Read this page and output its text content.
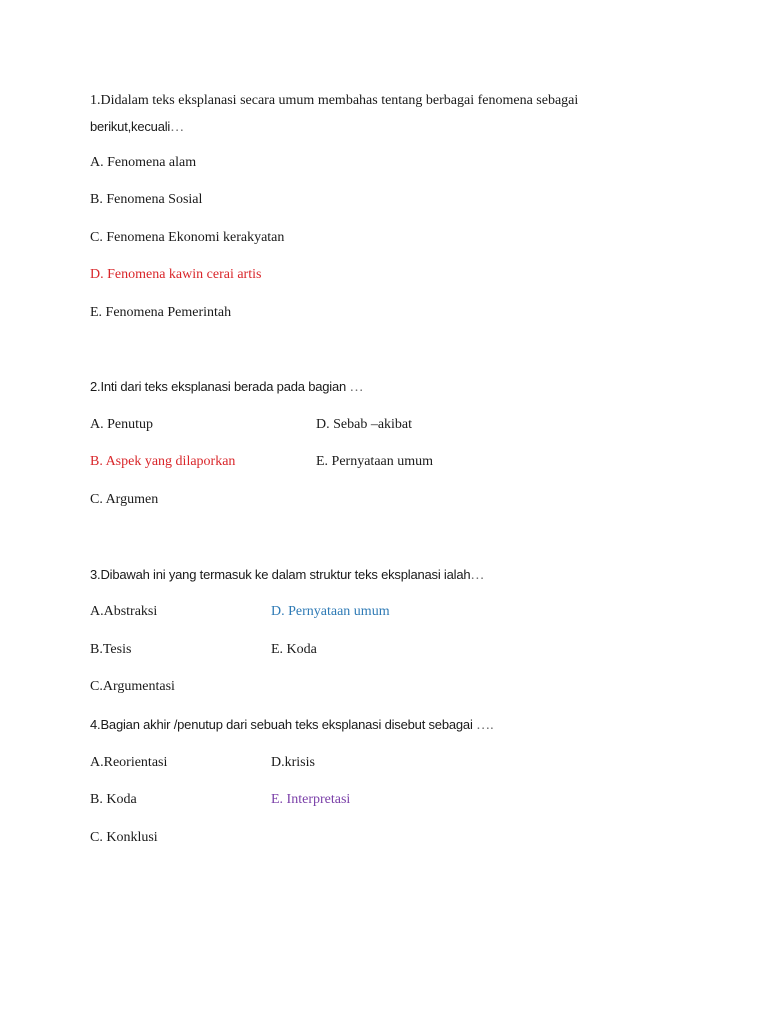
1.Didalam teks eksplanasi secara umum membahas tentang berbagai fenomena sebagai
berikut,kecuali…
A. Fenomena alam
B. Fenomena Sosial
C. Fenomena Ekonomi kerakyatan
D. Fenomena kawin cerai artis
E. Fenomena Pemerintah
2.Inti dari teks eksplanasi berada pada bagian …
A. Penutup	D. Sebab –akibat
B. Aspek yang dilaporkan	E. Pernyataan umum
C. Argumen
3.Dibawah ini yang termasuk ke dalam struktur teks eksplanasi ialah…
A.Abstraksi	D. Pernyataan umum
B.Tesis	E. Koda
C.Argumentasi
4.Bagian akhir /penutup dari sebuah teks eksplanasi disebut sebagai ….
A.Reorientasi	D.krisis
B. Koda	E. Interpretasi
C. Konklusi
